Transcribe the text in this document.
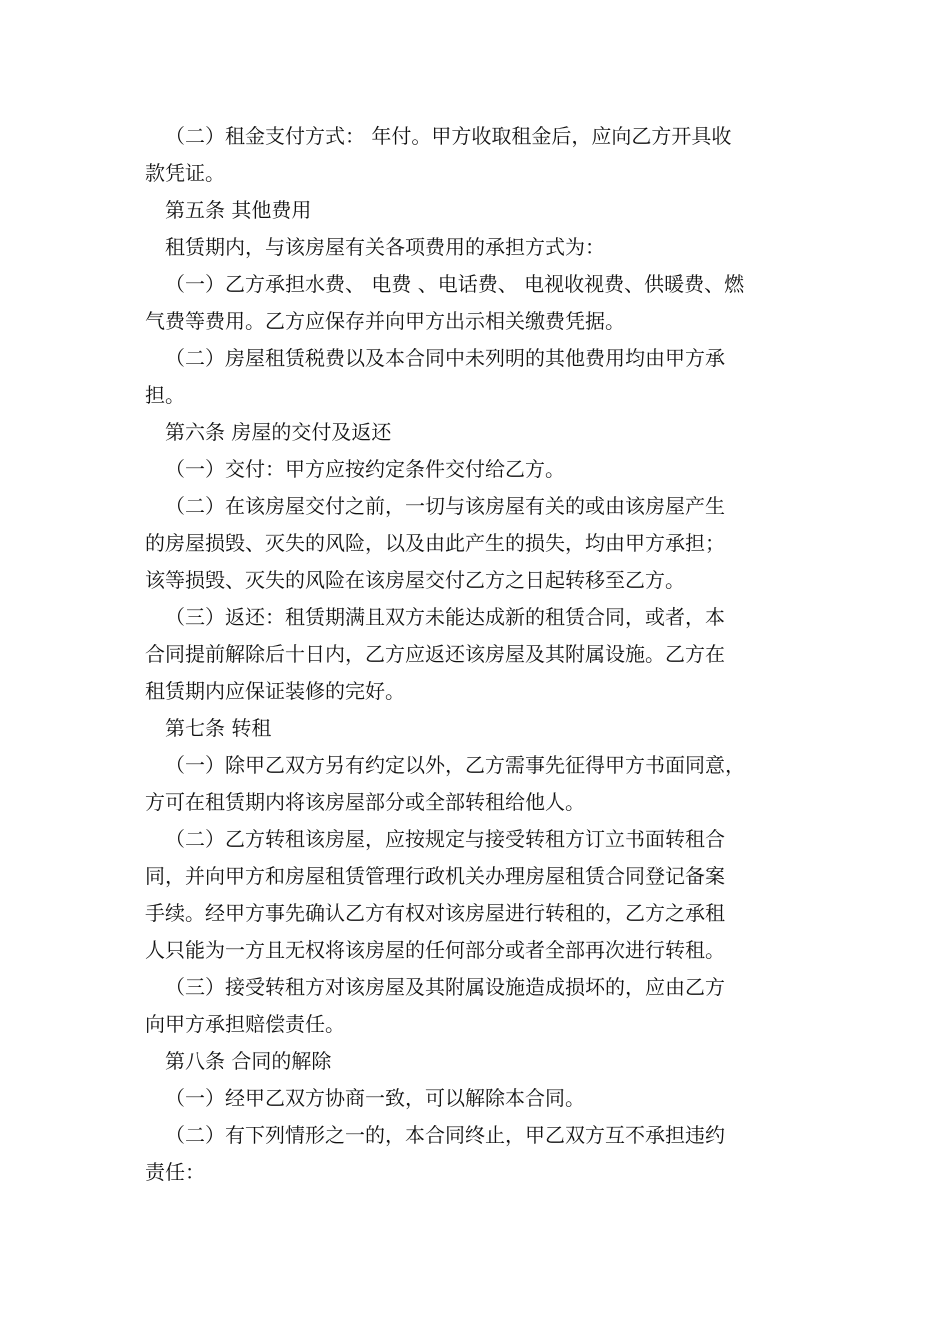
（二）租金支付方式： 年付。甲方收取租金后，应向乙方开具收
款凭证。
第五条 其他费用
租赁期内，与该房屋有关各项费用的承担方式为：
（一）乙方承担水费、 电费 、电话费、 电视收视费、供暖费、燃
气费等费用。乙方应保存并向甲方出示相关缴费凭据。
（二）房屋租赁税费以及本合同中未列明的其他费用均由甲方承
担。
第六条 房屋的交付及返还
（一）交付：甲方应按约定条件交付给乙方。
（二）在该房屋交付之前，一切与该房屋有关的或由该房屋产生
的房屋损毁、灭失的风险，以及由此产生的损失，均由甲方承担；
该等损毁、灭失的风险在该房屋交付乙方之日起转移至乙方。
（三）返还：租赁期满且双方未能达成新的租赁合同，或者，本
合同提前解除后十日内，乙方应返还该房屋及其附属设施。乙方在
租赁期内应保证装修的完好。
第七条 转租
（一）除甲乙双方另有约定以外，乙方需事先征得甲方书面同意，
方可在租赁期内将该房屋部分或全部转租给他人。
（二）乙方转租该房屋，应按规定与接受转租方订立书面转租合
同，并向甲方和房屋租赁管理行政机关办理房屋租赁合同登记备案
手续。经甲方事先确认乙方有权对该房屋进行转租的，乙方之承租
人只能为一方且无权将该房屋的任何部分或者全部再次进行转租。
（三）接受转租方对该房屋及其附属设施造成损坏的，应由乙方
向甲方承担赔偿责任。
第八条 合同的解除
（一）经甲乙双方协商一致，可以解除本合同。
（二）有下列情形之一的，本合同终止，甲乙双方互不承担违约
责任：
